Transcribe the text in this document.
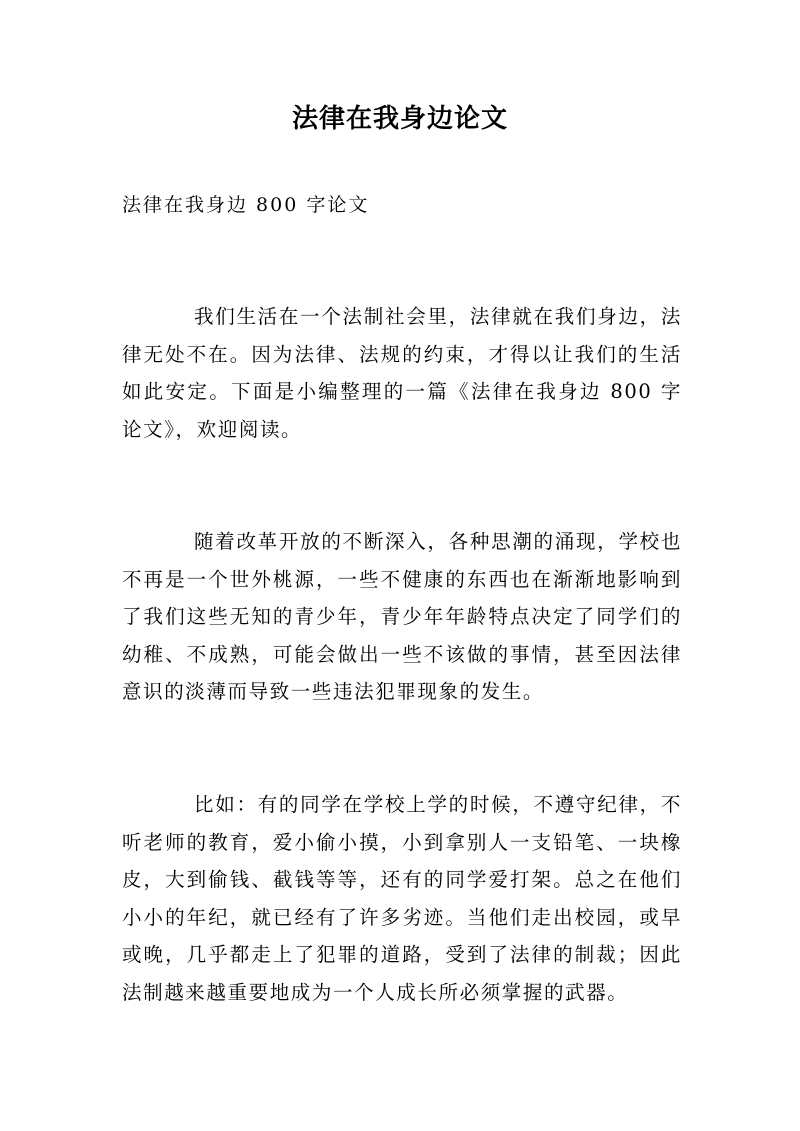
法律在我身边论文
法律在我身边 800 字论文

我们生活在一个法制社会里，法律就在我们身边，法律无处不在。因为法律、法规的约束，才得以让我们的生活如此安定。下面是小编整理的一篇《法律在我身边 800 字论文》，欢迎阅读。

随着改革开放的不断深入，各种思潮的涌现，学校也不再是一个世外桃源，一些不健康的东西也在渐渐地影响到了我们这些无知的青少年，青少年年龄特点决定了同学们的幼稚、不成熟，可能会做出一些不该做的事情，甚至因法律意识的淡薄而导致一些违法犯罪现象的发生。

比如：有的同学在学校上学的时候，不遵守纪律，不听老师的教育，爱小偷小摸，小到拿别人一支铅笔、一块橡皮，大到偷钱、截钱等等，还有的同学爱打架。总之在他们小小的年纪，就已经有了许多劣迹。当他们走出校园，或早或晚，几乎都走上了犯罪的道路，受到了法律的制裁；因此法制越来越重要地成为一个人成长所必须掌握的武器。
